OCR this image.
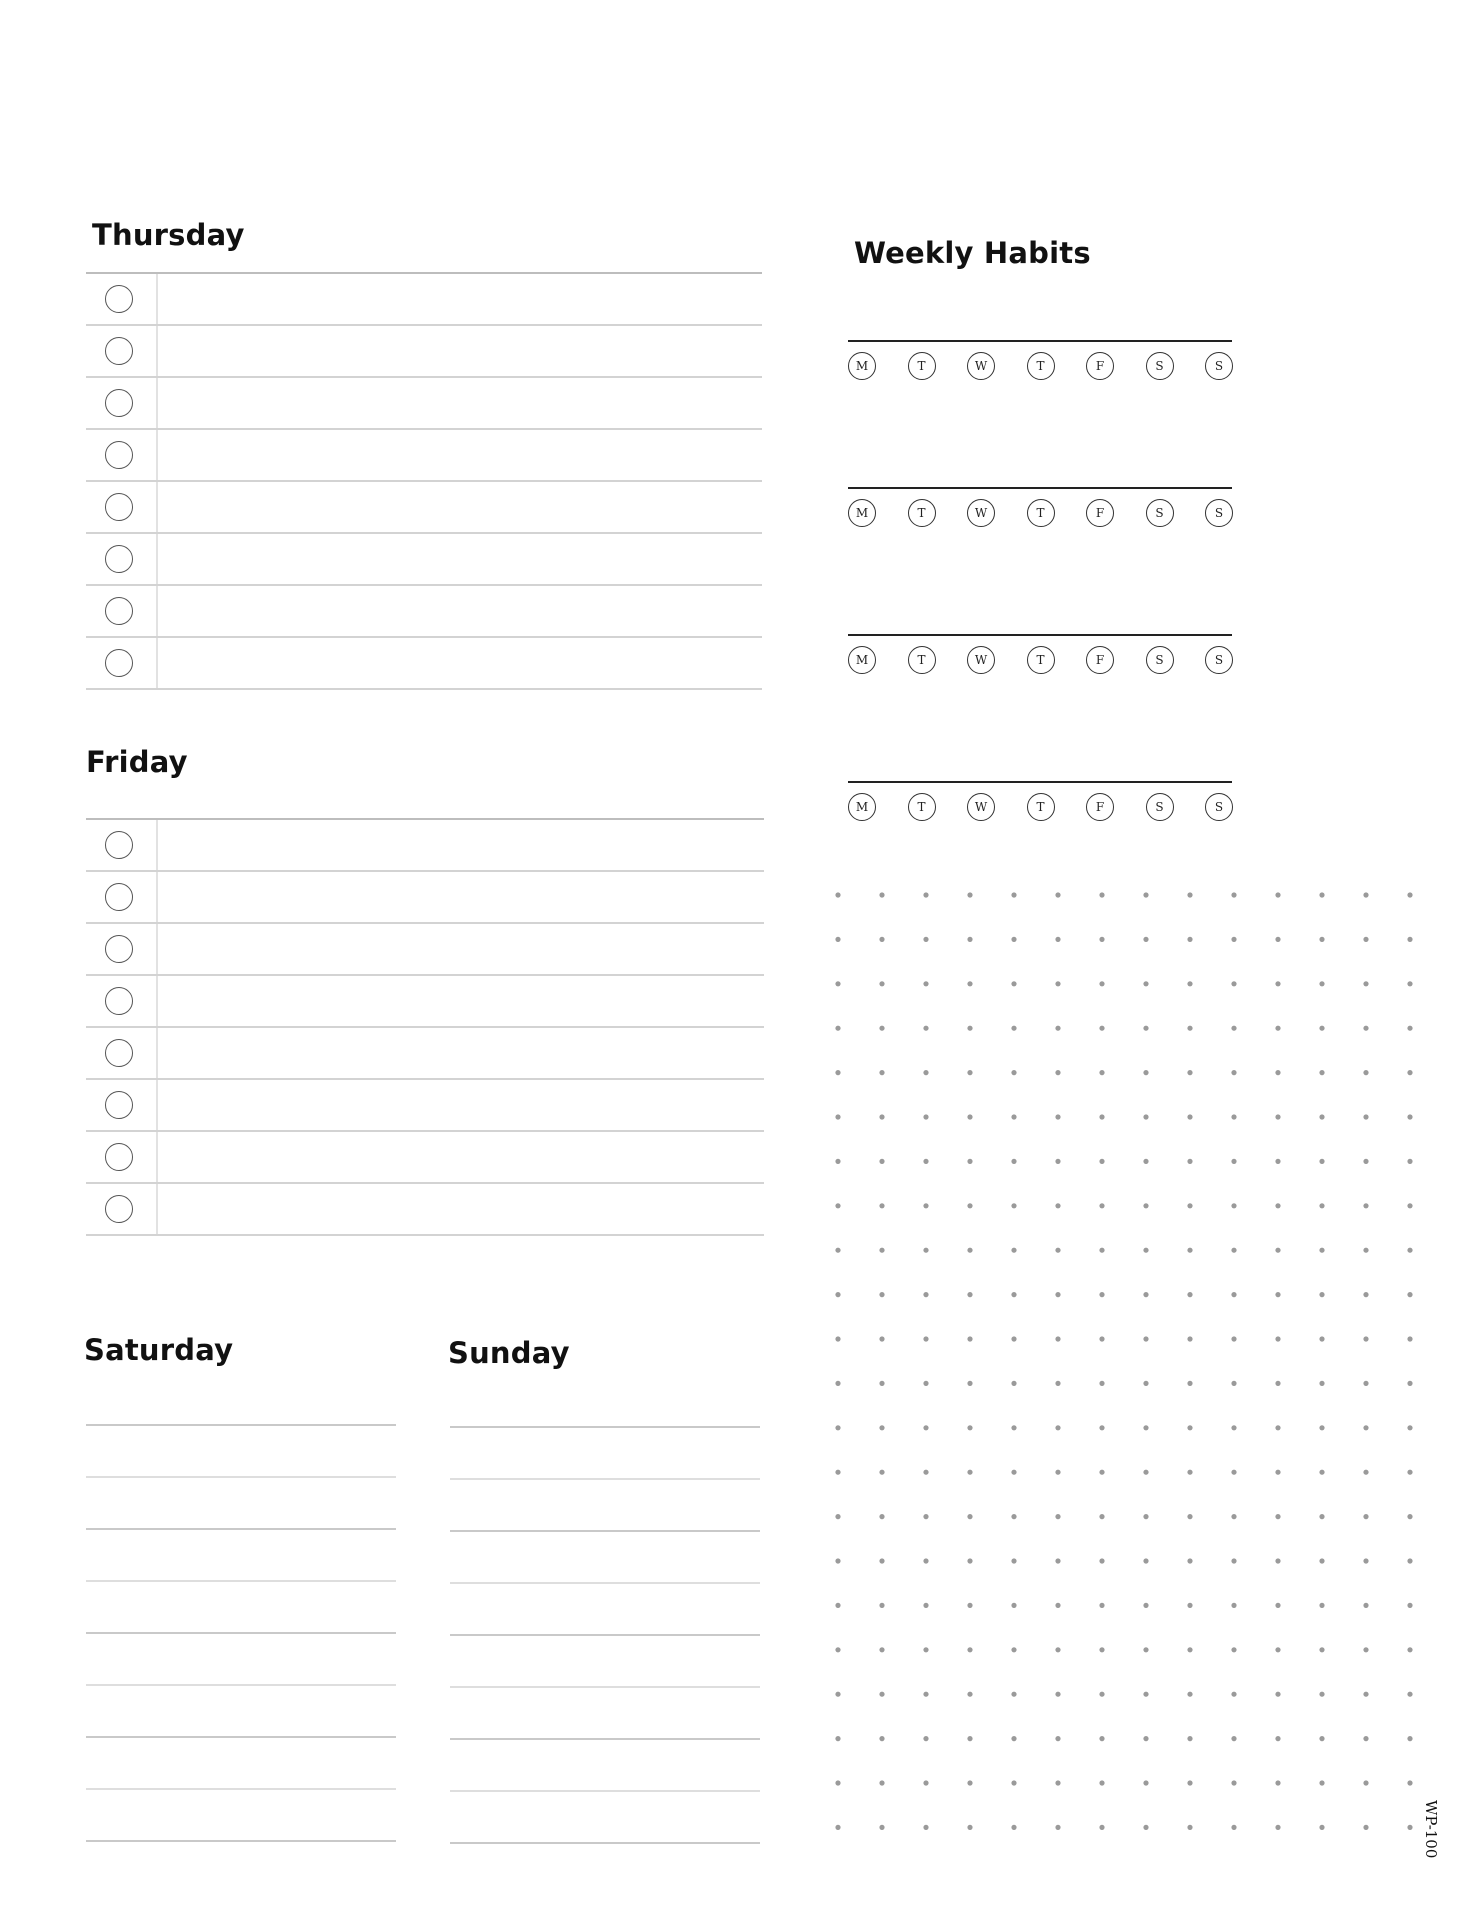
Thursday
Friday
Saturday	Sunday
Weekly Habits
M	T	W	T	F	S	S
M	T	W	T	F	S	S
M	T	W	T	F	S	S
M	T	W	T	F	S	S
WP-100
